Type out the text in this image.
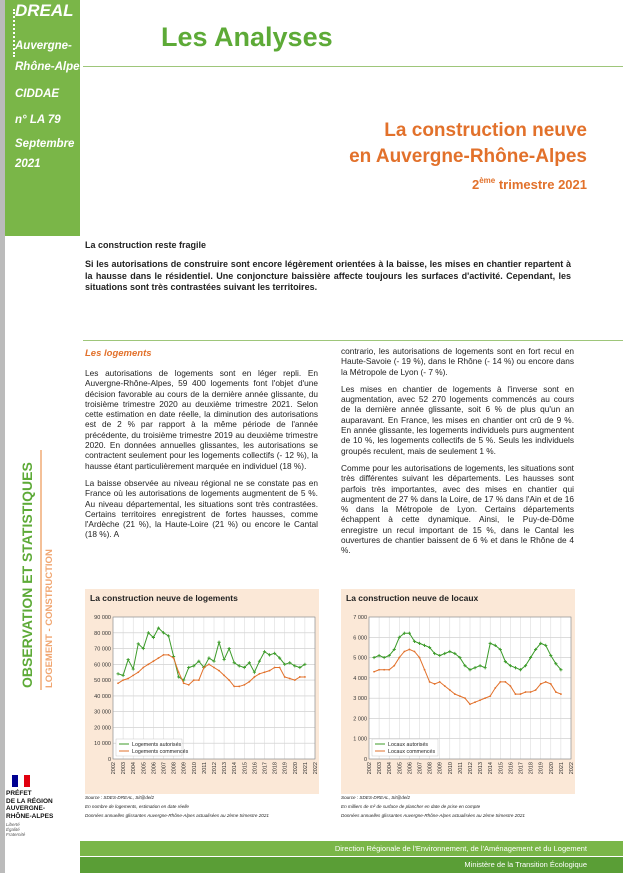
DREAL
Auvergne-
Rhône-Alpes
CIDDAE
n° LA 79
Septembre
2021
Les Analyses
La construction neuve
en Auvergne-Rhône-Alpes
2ème trimestre 2021
La construction reste fragile
Si les autorisations de construire sont encore légèrement orientées à la baisse, les mises en chantier repartent à la hausse dans le résidentiel. Une conjoncture baissière affecte toujours les surfaces d'activité. Cependant, les situations sont très contrastées suivant les territoires.
Les logements

Les autorisations de logements sont en léger repli. En Auvergne-Rhône-Alpes, 59 400 logements font l'objet d'une décision favorable au cours de la dernière année glissante, du troisième trimestre 2020 au deuxième trimestre 2021. Selon cette estimation en date réelle, la diminution des autorisations est de 2 % par rapport à la même période de l'année précédente, du troisième trimestre 2019 au deuxième trimestre 2020. En données annuelles glissantes, les autorisations se contractent seulement pour les logements collectifs (- 12 %), la hausse étant particulièrement marquée en individuel (18 %).

La baisse observée au niveau régional ne se constate pas en France où les autorisations de logements augmentent de 5 %. Au niveau départemental, les situations sont très contrastées. Certains territoires enregistrent de fortes hausses, comme l'Ardèche (21 %), la Haute-Loire (21 %) ou encore le Cantal (18 %). A

contrario, les autorisations de logements sont en fort recul en Haute-Savoie (- 19 %), dans le Rhône (- 14 %) ou encore dans la Métropole de Lyon (- 7 %).

Les mises en chantier de logements à l'inverse sont en augmentation, avec 52 270 logements commencés au cours de la dernière année glissante, soit 6 % de plus qu'un an auparavant. En France, les mises en chantier ont crû de 9 %. En année glissante, les logements individuels purs augmentent de 10 %, les logements collectifs de 5 %. Seuls les individuels groupés reculent, mais de seulement 1 %.

Comme pour les autorisations de logements, les situations sont très différentes suivant les départements. Les hausses sont parfois très importantes, avec des mises en chantier qui augmentent de 27 % dans la Loire, de 17 % dans l'Ain et de 16 % dans la Métropole de Lyon. Certains départements échappent à cette dynamique. Ainsi, le Puy-de-Dôme enregistre un recul important de 15 %, dans le Cantal les ouvertures de chantier baissent de 6 % et dans le Rhône de 4 %.

OBSERVATION ET STATISTIQUES LOGEMENT - CONSTRUCTION
PRÉFET
DE LA RÉGION
AUVERGNE-
RHÔNE-ALPES
Liberté
Égalité
Fraternité
La construction neuve de logements
0
10 000
20 000
30 000
40 000
50 000
60 000
70 000
80 000
90 000
2002 2003 2004 2005 2006 2007 2008 2009 2010 2011 2012 2013 2014 2015 2016 2017 2018 2019 2020 2021 2022
Logements autorisés
Logements commencés
La construction neuve de locaux
0
1 000
2 000
3 000
4 000
5 000
6 000
7 000
2002 2003 2004 2005 2006 2007 2008 2009 2010 2011 2012 2013 2014 2015 2016 2017 2018 2019 2020 2021 2022
Locaux autorisés
Locaux commencés
Source : SDES-DREAL, Sit@del2
En nombre de logements, estimation en date réelle
Données annuelles glissantes Auvergne-Rhône-Alpes actualisées au 2ème trimestre 2021
Source : SDES-DREAL, Sit@del2
En milliers de m² de surface de plancher en date de prise en compte
Données annuelles glissantes Auvergne-Rhône-Alpes actualisées au 2ème trimestre 2021
Direction Régionale de l'Environnement, de l'Aménagement et du Logement
Ministère de la Transition Écologique
